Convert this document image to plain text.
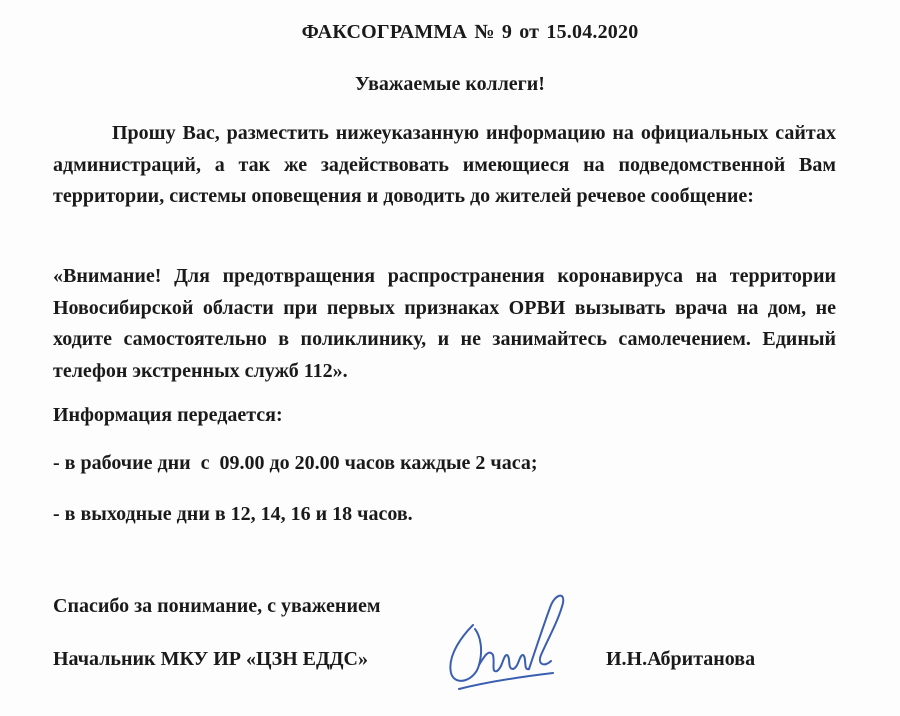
ФАКСОГРАММА № 9 от 15.04.2020
Уважаемые коллеги!
Прошу Вас, разместить нижеуказанную информацию на официальных сайтах администраций, а так же задействовать имеющиеся на подведомственной Вам территории, системы оповещения и доводить до жителей речевое сообщение:
«Внимание! Для предотвращения распространения коронавируса на территории Новосибирской области при первых признаках ОРВИ вызывать врача на дом, не ходите самостоятельно в поликлинику, и не занимайтесь самолечением. Единый телефон экстренных служб 112».
Информация передается:
- в рабочие дни  с  09.00 до 20.00 часов каждые 2 часа;
- в выходные дни в 12, 14, 16 и 18 часов.
Спасибо за понимание, с уважением
Начальник МКУ ИР «ЦЗН ЕДДС»	И.Н.Абританова
